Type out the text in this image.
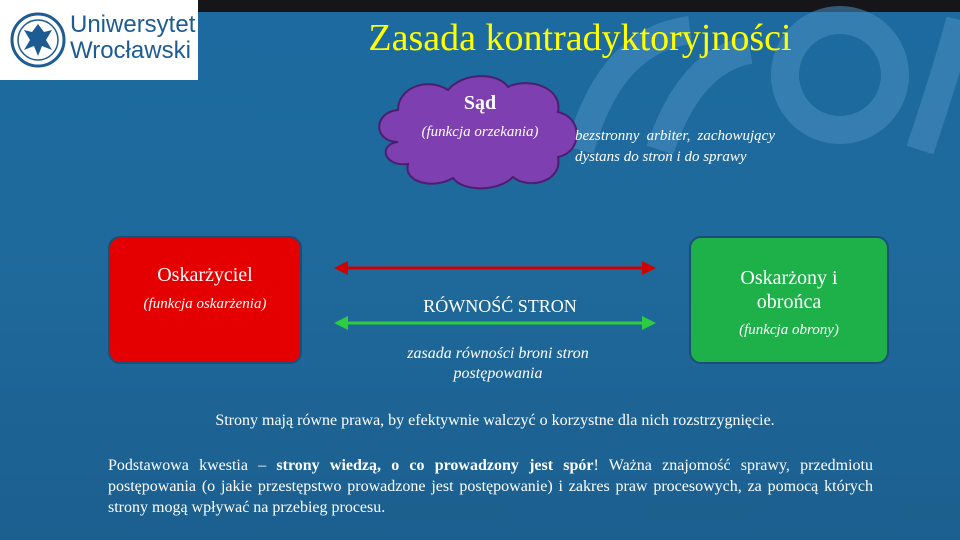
Uniwersytet
Wrocławski	Zasada kontradyktoryjności
Sąd
(funkcja orzekania) bezstronny arbiter, zachowujący dystans do stron i do sprawy
Oskarżyciel
(funkcja oskarżenia)
Oskarżony i obrońca
(funkcja obrony)
RÓWNOŚĆ STRON
zasada równości broni stron postępowania
Strony mają równe prawa, by efektywnie walczyć o korzystne dla nich rozstrzygnięcie.
Podstawowa kwestia – strony wiedzą, o co prowadzony jest spór! Ważna znajomość sprawy, przedmiotu postępowania (o jakie przestępstwo prowadzone jest postępowanie) i zakres praw procesowych, za pomocą których strony mogą wpływać na przebieg procesu.
